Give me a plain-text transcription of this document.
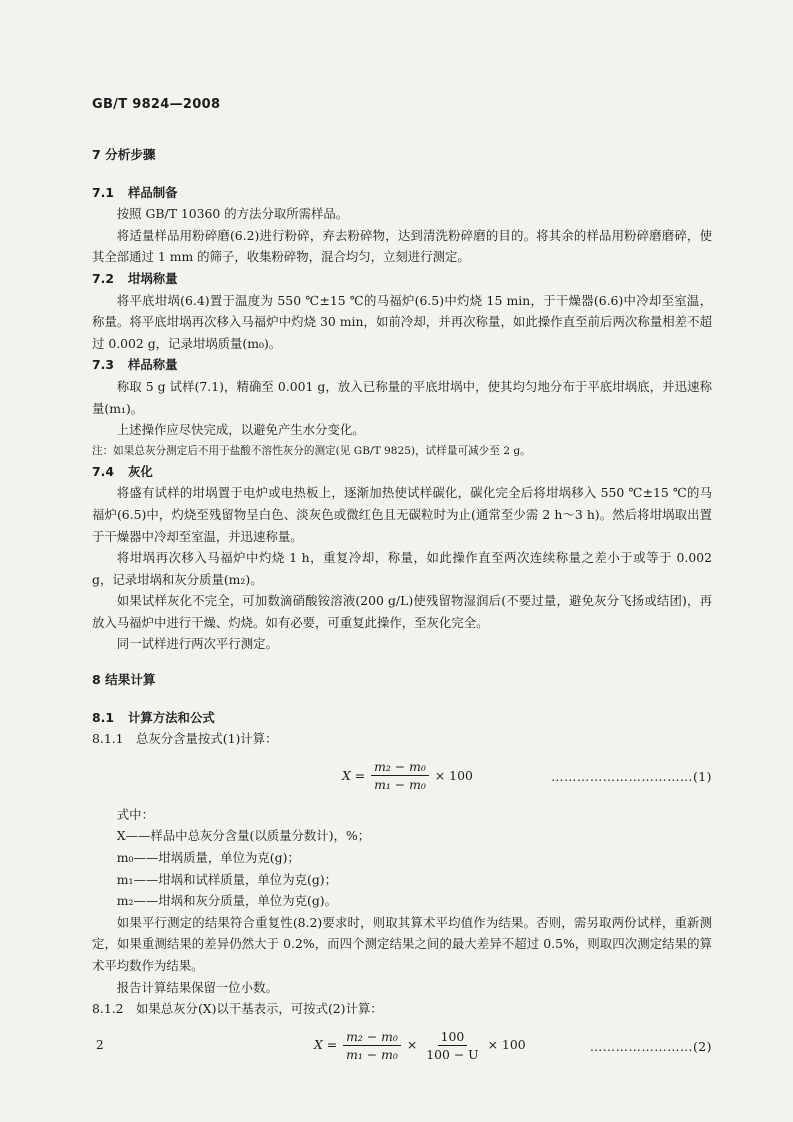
GB/T 9824—2008
7 分析步骤
7.1 样品制备

按照 GB/T 10360 的方法分取所需样品。

将适量样品用粉碎磨(6.2)进行粉碎，弃去粉碎物，达到清洗粉碎磨的目的。将其余的样品用粉碎磨磨碎，使其全部通过 1 mm 的筛子，收集粉碎物，混合均匀，立刻进行测定。

7.2 坩埚称量

将平底坩埚(6.4)置于温度为 550 ℃±15 ℃的马福炉(6.5)中灼烧 15 min，于干燥器(6.6)中冷却至室温，称量。将平底坩埚再次移入马福炉中灼烧 30 min，如前冷却，并再次称量，如此操作直至前后两次称量相差不超过 0.002 g，记录坩埚质量(m₀)。

7.3 样品称量

称取 5 g 试样(7.1)，精确至 0.001 g，放入已称量的平底坩埚中，使其均匀地分布于平底坩埚底，并迅速称量(m₁)。

上述操作应尽快完成，以避免产生水分变化。

注：如果总灰分测定后不用于盐酸不溶性灰分的测定(见 GB/T 9825)，试样量可减少至 2 g。

7.4 灰化

将盛有试样的坩埚置于电炉或电热板上，逐渐加热使试样碳化，碳化完全后将坩埚移入 550 ℃±15 ℃的马福炉(6.5)中，灼烧至残留物呈白色、淡灰色或微红色且无碳粒时为止(通常至少需 2 h～3 h)。然后将坩埚取出置于干燥器中冷却至室温，并迅速称量。

将坩埚再次移入马福炉中灼烧 1 h，重复冷却，称量，如此操作直至两次连续称量之差小于或等于 0.002 g，记录坩埚和灰分质量(m₂)。

如果试样灰化不完全，可加数滴硝酸铵溶液(200 g/L)使残留物湿润后(不要过量，避免灰分飞扬或结团)，再放入马福炉中进行干燥、灼烧。如有必要，可重复此操作，至灰化完全。

同一试样进行两次平行测定。

8 结果计算
8.1 计算方法和公式
8.1.1 总灰分含量按式(1)计算：
$X = \frac{\text{m₂ − m₀}}{\text{m₁ − m₀}} \times 100$	……………………………(1)
式中：

X——样品中总灰分含量(以质量分数计)，%；

m₀——坩埚质量，单位为克(g)；

m₁——坩埚和试样质量，单位为克(g)；

m₂——坩埚和灰分质量，单位为克(g)。

如果平行测定的结果符合重复性(8.2)要求时，则取其算术平均值作为结果。否则，需另取两份试样，重新测定，如果重测结果的差异仍然大于 0.2%，而四个测定结果之间的最大差异不超过 0.5%，则取四次测定结果的算术平均数作为结果。

报告计算结果保留一位小数。

8.1.2 如果总灰分(X)以干基表示，可按式(2)计算：
$X = \frac{\text{m₂ − m₀}}{\text{m₁ − m₀}} \times \frac{100}{100 - U} \times 100$	……………………(2)
2
